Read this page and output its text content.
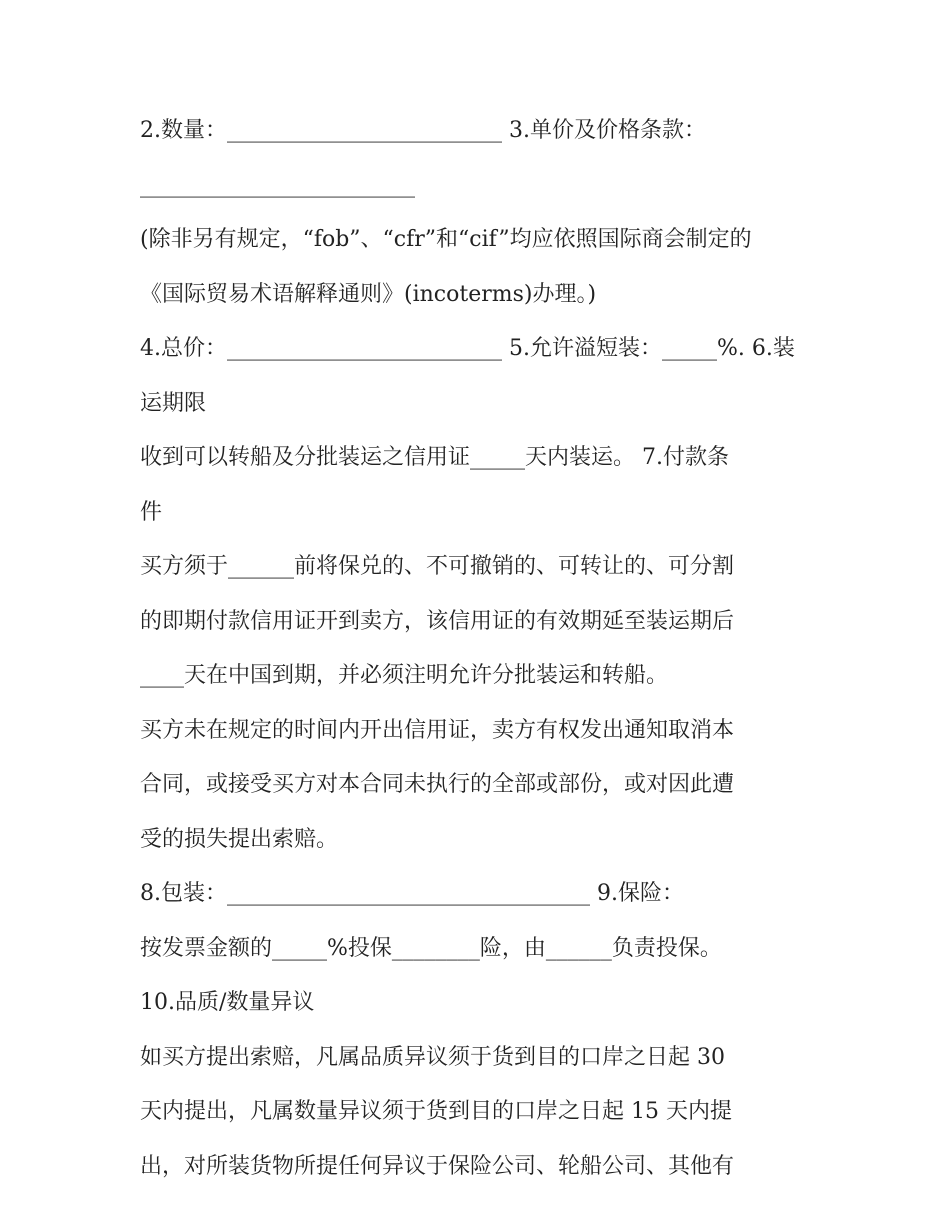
2.数量：_________________________ 3.单价及价格条款：
_________________________
(除非另有规定，“fob”、“cfr”和“cif”均应依照国际商会制定的
《国际贸易术语解释通则》(incoterms)办理。)
4.总价：_________________________ 5.允许溢短装：_____%. 6.装
运期限
收到可以转船及分批装运之信用证_____天内装运。 7.付款条
件
买方须于______前将保兑的、不可撤销的、可转让的、可分割
的即期付款信用证开到卖方，该信用证的有效期延至装运期后
____天在中国到期，并必须注明允许分批装运和转船。
买方未在规定的时间内开出信用证，卖方有权发出通知取消本
合同，或接受买方对本合同未执行的全部或部份，或对因此遭
受的损失提出索赔。
8.包装：_________________________________ 9.保险：
按发票金额的_____%投保________险，由______负责投保。
10.品质/数量异议
如买方提出索赔，凡属品质异议须于货到目的口岸之日起 30
天内提出，凡属数量异议须于货到目的口岸之日起 15 天内提
出，对所装货物所提任何异议于保险公司、轮船公司、其他有
